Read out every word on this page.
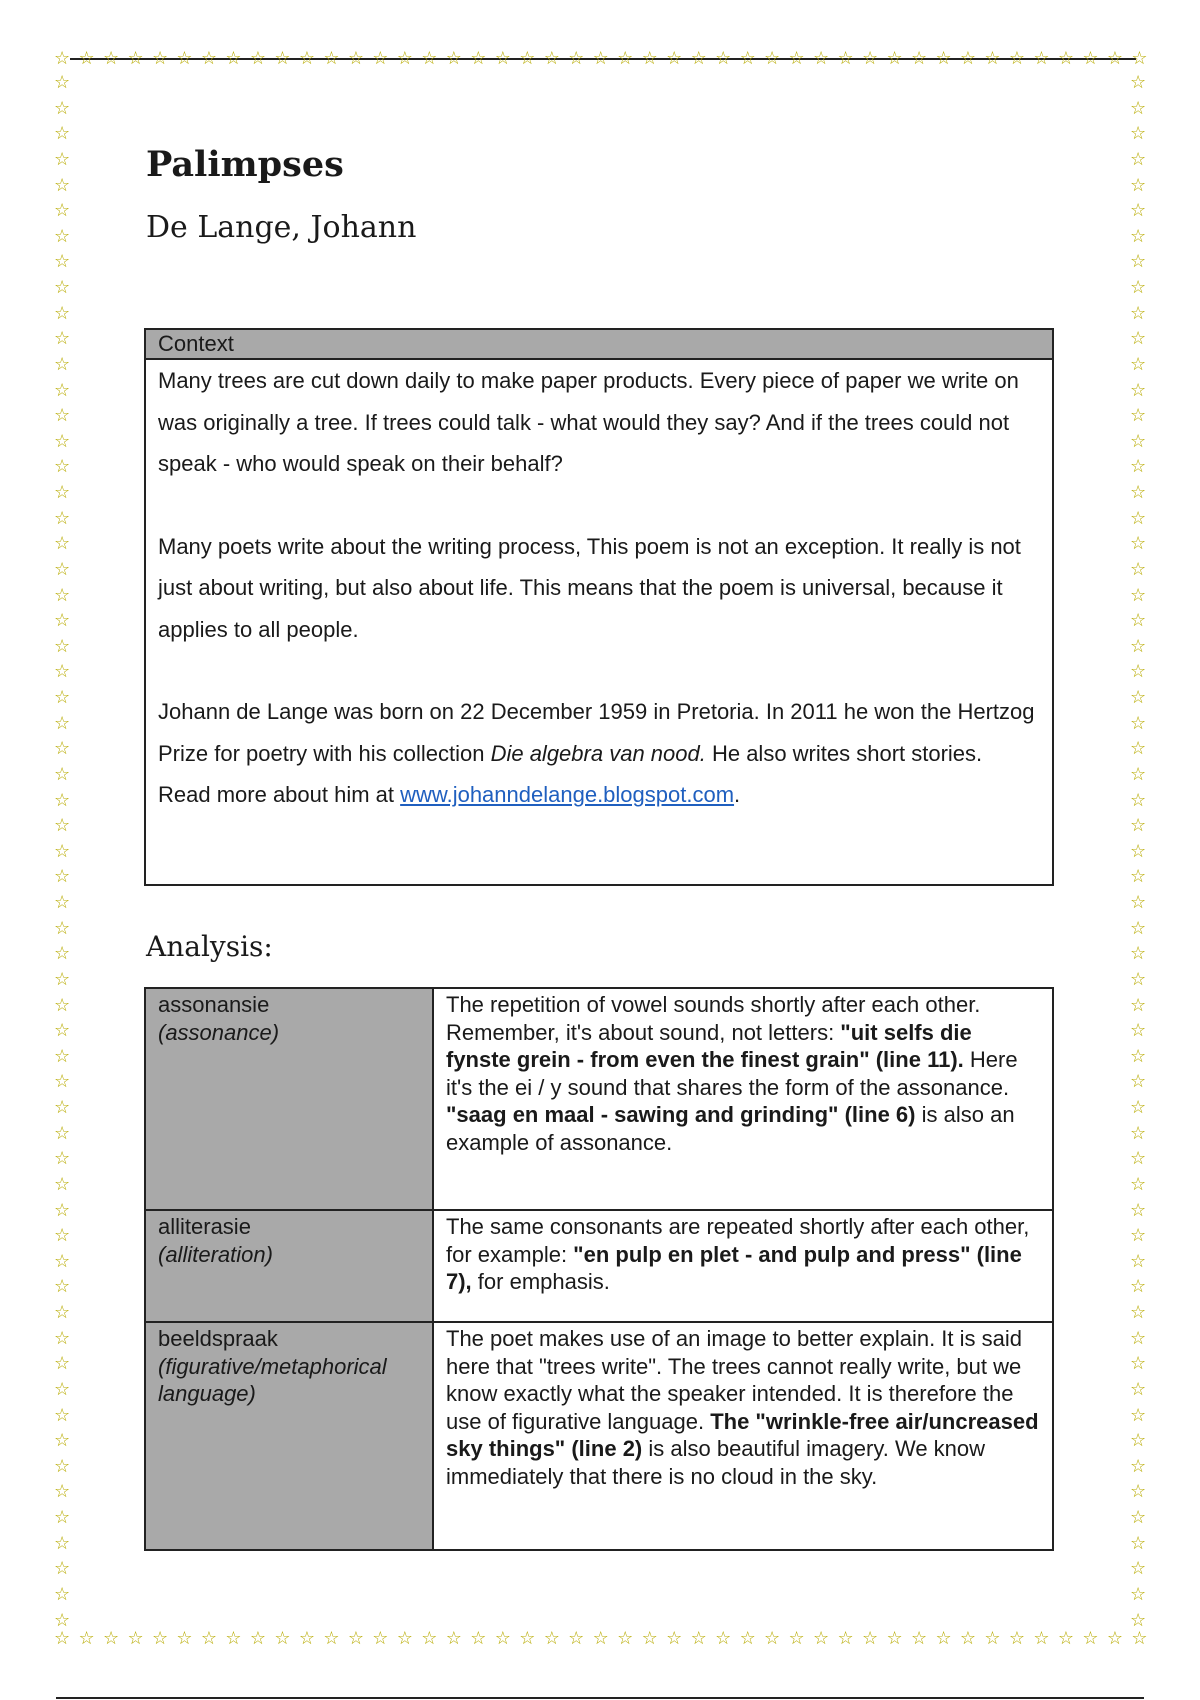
☆ ☆ ☆ ☆ ☆ ☆ ☆ ☆ ☆ ☆ ☆ ☆ ☆ ☆ ☆ ☆ ☆ ☆ ☆ ☆ ☆ ☆ ☆ ☆ ☆ ☆ ☆ ☆ ☆ ☆ ☆ ☆ ☆ ☆ ☆ ☆ ☆ ☆ ☆ ☆ ☆ ☆ ☆ ☆ ☆
☆ ☆ ☆ ☆ ☆ ☆ ☆ ☆ ☆ ☆ ☆ ☆ ☆ ☆ ☆ ☆ ☆ ☆ ☆ ☆ ☆ ☆ ☆ ☆ ☆ ☆ ☆ ☆ ☆ ☆ ☆ ☆ ☆ ☆ ☆ ☆ ☆ ☆ ☆ ☆ ☆ ☆ ☆ ☆ ☆
☆
☆
☆
☆
☆
☆
☆
☆
☆
☆
☆
☆
☆
☆
☆
☆
☆
☆
☆
☆
☆
☆
☆
☆
☆
☆
☆
☆
☆
☆
☆
☆
☆
☆
☆
☆
☆
☆
☆
☆
☆
☆
☆
☆
☆
☆
☆
☆
☆
☆
☆
☆
☆
☆
☆
☆
☆
☆
☆
☆
☆
☆
☆
☆
☆
☆
☆
☆
☆
☆
☆
☆
☆
☆
☆
☆
☆
☆
☆
☆
☆
☆
☆
☆
☆
☆
☆
☆
☆
☆
☆
☆
☆
☆
☆
☆
☆
☆
☆
☆
☆
☆
☆
☆
☆
☆
☆
☆
☆
☆
☆
☆
☆
☆
☆
☆
☆
☆
☆
☆
☆
☆
Palimpses
De Lange, Johann
Context

Many trees are cut down daily to make paper products. Every piece of paper we write on was originally a tree. If trees could talk - what would they say? And if the trees could not speak - who would speak on their behalf?

Many poets write about the writing process, This poem is not an exception. It really is not just about writing, but also about life. This means that the poem is universal, because it applies to all people.

Johann de Lange was born on 22 December 1959 in Pretoria. In 2011 he won the Hertzog Prize for poetry with his collection Die algebra van nood. He also writes short stories.

Read more about him at www.johanndelange.blogspot.com.

Analysis:
assonansie
(assonance)	The repetition of vowel sounds shortly after each other. Remember, it's about sound, not letters: "uit selfs die fynste grein - from even the finest grain" (line 11). Here it's the ei / y sound that shares the form of the assonance.
"saag en maal - sawing and grinding" (line 6) is also an example of assonance.
alliterasie
(alliteration)	The same consonants are repeated shortly after each other, for example: "en pulp en plet - and pulp and press" (line 7), for emphasis.
beeldspraak
(figurative/metaphorical language)	The poet makes use of an image to better explain. It is said here that "trees write". The trees cannot really write, but we know exactly what the speaker intended. It is therefore the use of figurative language. The "wrinkle-free air/uncreased sky things" (line 2) is also beautiful imagery. We know immediately that there is no cloud in the sky.
